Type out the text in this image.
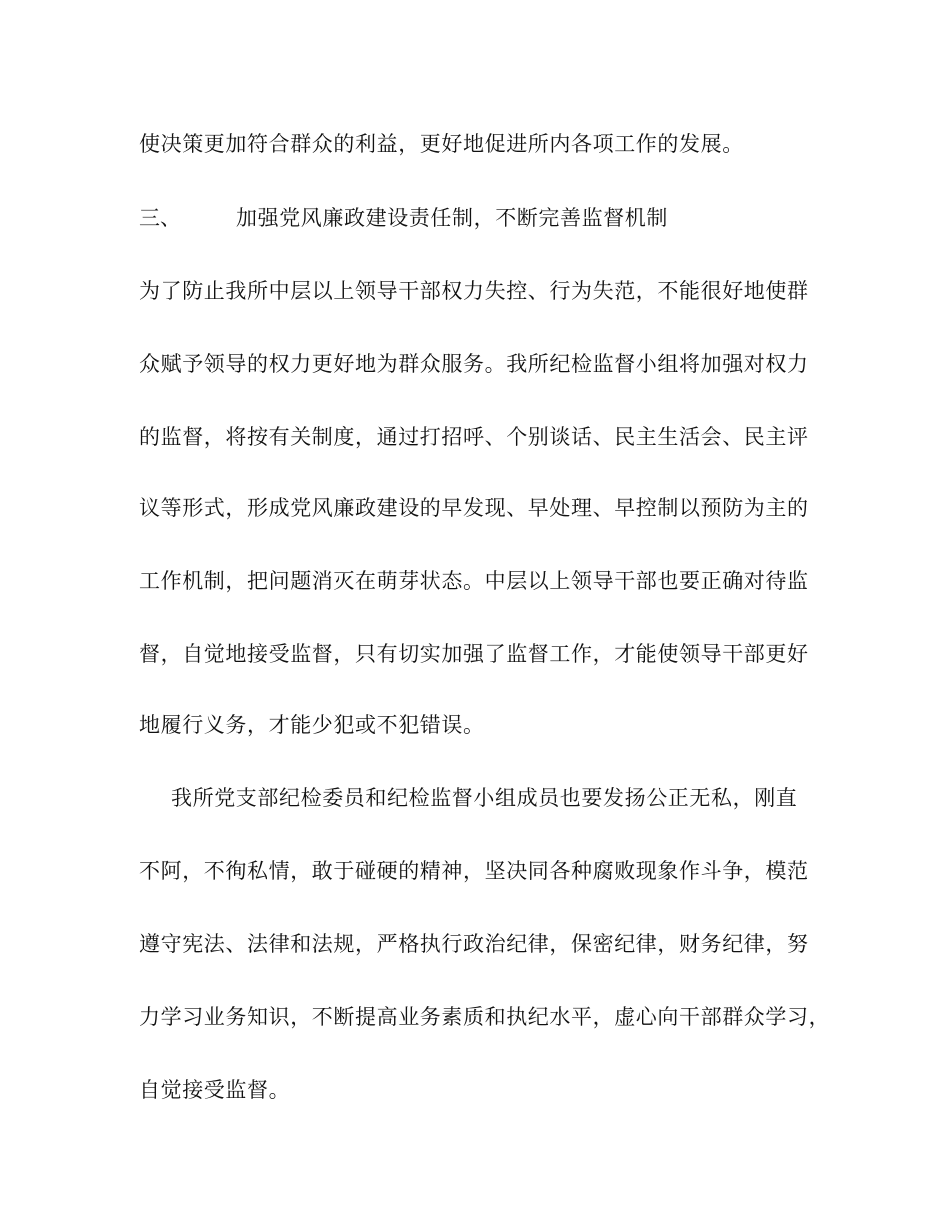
使决策更加符合群众的利益，更好地促进所内各项工作的发展。
三、	加强党风廉政建设责任制，不断完善监督机制
为了防止我所中层以上领导干部权力失控、行为失范，不能很好地使群
众赋予领导的权力更好地为群众服务。我所纪检监督小组将加强对权力
的监督，将按有关制度，通过打招呼、个别谈话、民主生活会、民主评
议等形式，形成党风廉政建设的早发现、早处理、早控制以预防为主的
工作机制，把问题消灭在萌芽状态。中层以上领导干部也要正确对待监
督，自觉地接受监督，只有切实加强了监督工作，才能使领导干部更好
地履行义务，才能少犯或不犯错误。
我所党支部纪检委员和纪检监督小组成员也要发扬公正无私，刚直
不阿，不徇私情，敢于碰硬的精神，坚决同各种腐败现象作斗争，模范
遵守宪法、法律和法规，严格执行政治纪律，保密纪律，财务纪律，努
力学习业务知识，不断提高业务素质和执纪水平，虚心向干部群众学习，
自觉接受监督。
